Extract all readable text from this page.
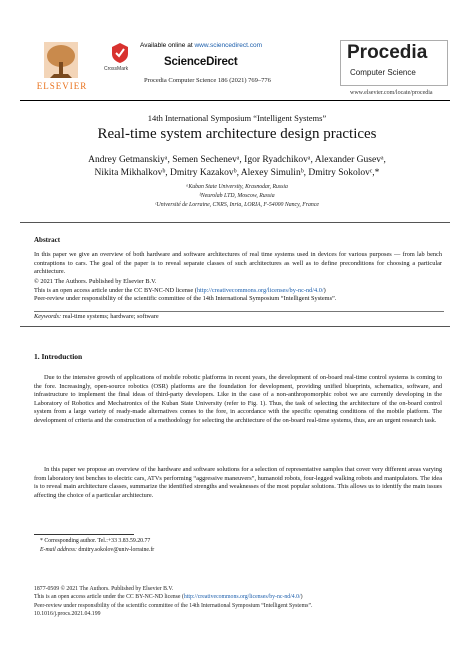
ELSEVIER
CrossMark
Available online at www.sciencedirect.com
ScienceDirect
Procedia Computer Science 186 (2021) 769–776
Procedia
Computer Science
www.elsevier.com/locate/procedia
14th International Symposium “Intelligent Systems”
Real-time system architecture design practices
Andrey Getmanskiyᵃ, Semen Sechenevᵃ, Igor Ryadchikovᵃ, Alexander Gusevᵃ,
Nikita Mikhalkovᵇ, Dmitry Kazakovᵇ, Alexey Simulinᵇ, Dmitry Sokolovᶜ,*
ᵃKuban State University, Krasnodar, Russia
ᵇNeurolab LTD, Moscow, Russia
ᶜUniversité de Lorraine, CNRS, Inria, LORIA, F-54000 Nancy, France
Abstract
In this paper we give an overview of both hardware and software architectures of real time systems used in devices for various purposes — from lab bench contraptions to cars. The goal of the paper is to reveal separate classes of such architectures as well as to define preconditions for choosing a particular architecture.
© 2021 The Authors. Published by Elsevier B.V.
This is an open access article under the CC BY-NC-ND license (http://creativecommons.org/licenses/by-nc-nd/4.0/)
Peer-review under responsibility of the scientific committee of the 14th International Symposium “Intelligent Systems”.
Keywords: real-time systems; hardware; software
1. Introduction
Due to the intensive growth of applications of mobile robotic platforms in recent years, the development of on-board real-time control systems is coming to the fore. Increasingly, open-source robotics (OSR) platforms are the foundation for development, providing unified blueprints, schematics, software, and infrastructure to implement the final ideas of third-party developers. Like in the case of a non-anthropomorphic robot we are currently developing in the Laboratory of Robotics and Mechatronics of the Kuban State University (refer to Fig. 1). Thus, the task of selecting the architecture of the on-board control system from a large variety of ready-made alternatives comes to the fore, in accordance with the specific operating conditions of the mobile platform. The development of criteria and the construction of a methodology for selecting the architecture of the on-board real-time systems, thus, are an urgent research task.
In this paper we propose an overview of the hardware and software solutions for a selection of representative samples that cover very different areas varying from laboratory test benches to electric cars, ATVs performing “aggressive maneuvers”, humanoid robots, four-legged walking robots and manipulators. The idea is to reveal main architecture classes, summarize the identified strengths and weaknesses of the most popular solutions. This allows us to identify the main issues affecting the choice of a particular architecture.
* Corresponding author. Tel.:+33 3.83.59.20.77
E-mail address: dmitry.sokolov@univ-lorraine.fr
1877-0509 © 2021 The Authors. Published by Elsevier B.V.
This is an open access article under the CC BY-NC-ND license (http://creativecommons.org/licenses/by-nc-nd/4.0/)
Peer-review under responsibility of the scientific committee of the 14th International Symposium “Intelligent Systems”.
10.1016/j.procs.2021.04.199
